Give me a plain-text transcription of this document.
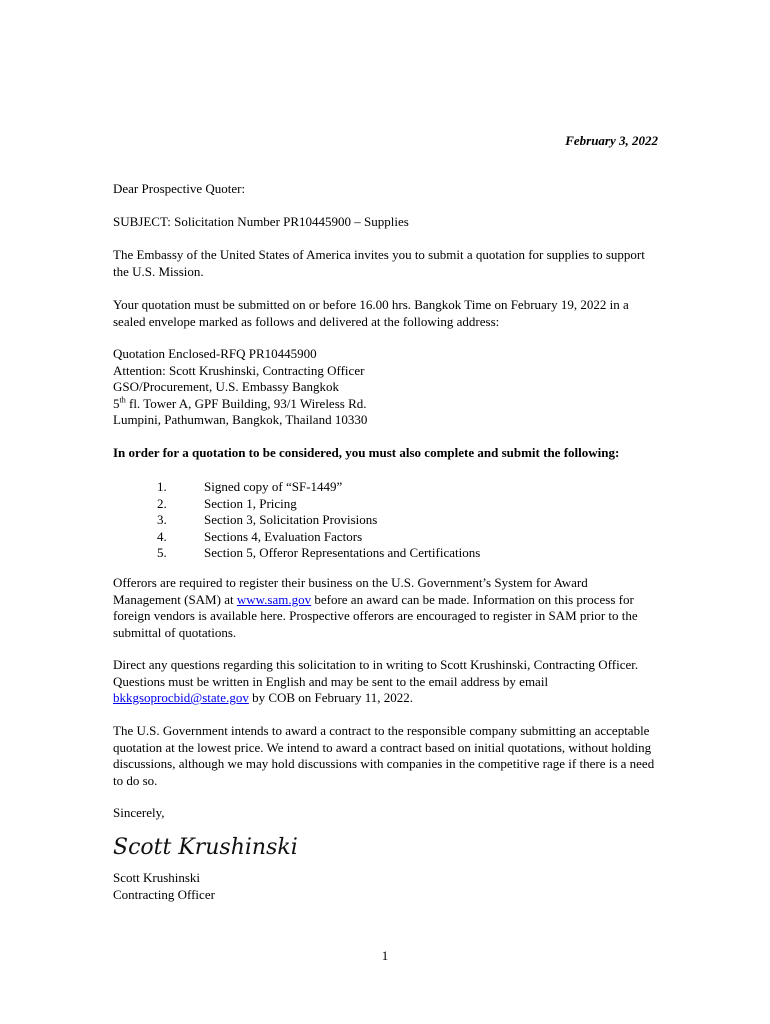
February 3, 2022

Dear Prospective Quoter:

SUBJECT: Solicitation Number PR10445900 – Supplies

The Embassy of the United States of America invites you to submit a quotation for supplies to support the U.S. Mission.

Your quotation must be submitted on or before 16.00 hrs. Bangkok Time on February 19, 2022 in a sealed envelope marked as follows and delivered at the following address:

Quotation Enclosed-RFQ PR10445900
Attention: Scott Krushinski, Contracting Officer
GSO/Procurement, U.S. Embassy Bangkok
5th fl. Tower A, GPF Building, 93/1 Wireless Rd.
Lumpini, Pathumwan, Bangkok, Thailand 10330

In order for a quotation to be considered, you must also complete and submit the following:

1.	Signed copy of “SF-1449”
2.	Section 1, Pricing
3.	Section 3, Solicitation Provisions
4.	Sections 4, Evaluation Factors
5.	Section 5, Offeror Representations and Certifications

Offerors are required to register their business on the U.S. Government’s System for Award Management (SAM) at www.sam.gov before an award can be made. Information on this process for foreign vendors is available here. Prospective offerors are encouraged to register in SAM prior to the submittal of quotations.

Direct any questions regarding this solicitation to in writing to Scott Krushinski, Contracting Officer. Questions must be written in English and may be sent to the email address by email bkkgsoprocbid@state.gov by COB on February 11, 2022.

The U.S. Government intends to award a contract to the responsible company submitting an acceptable quotation at the lowest price. We intend to award a contract based on initial quotations, without holding discussions, although we may hold discussions with companies in the competitive rage if there is a need to do so.

Sincerely,

Scott Krushinski
Scott Krushinski
Contracting Officer
1
